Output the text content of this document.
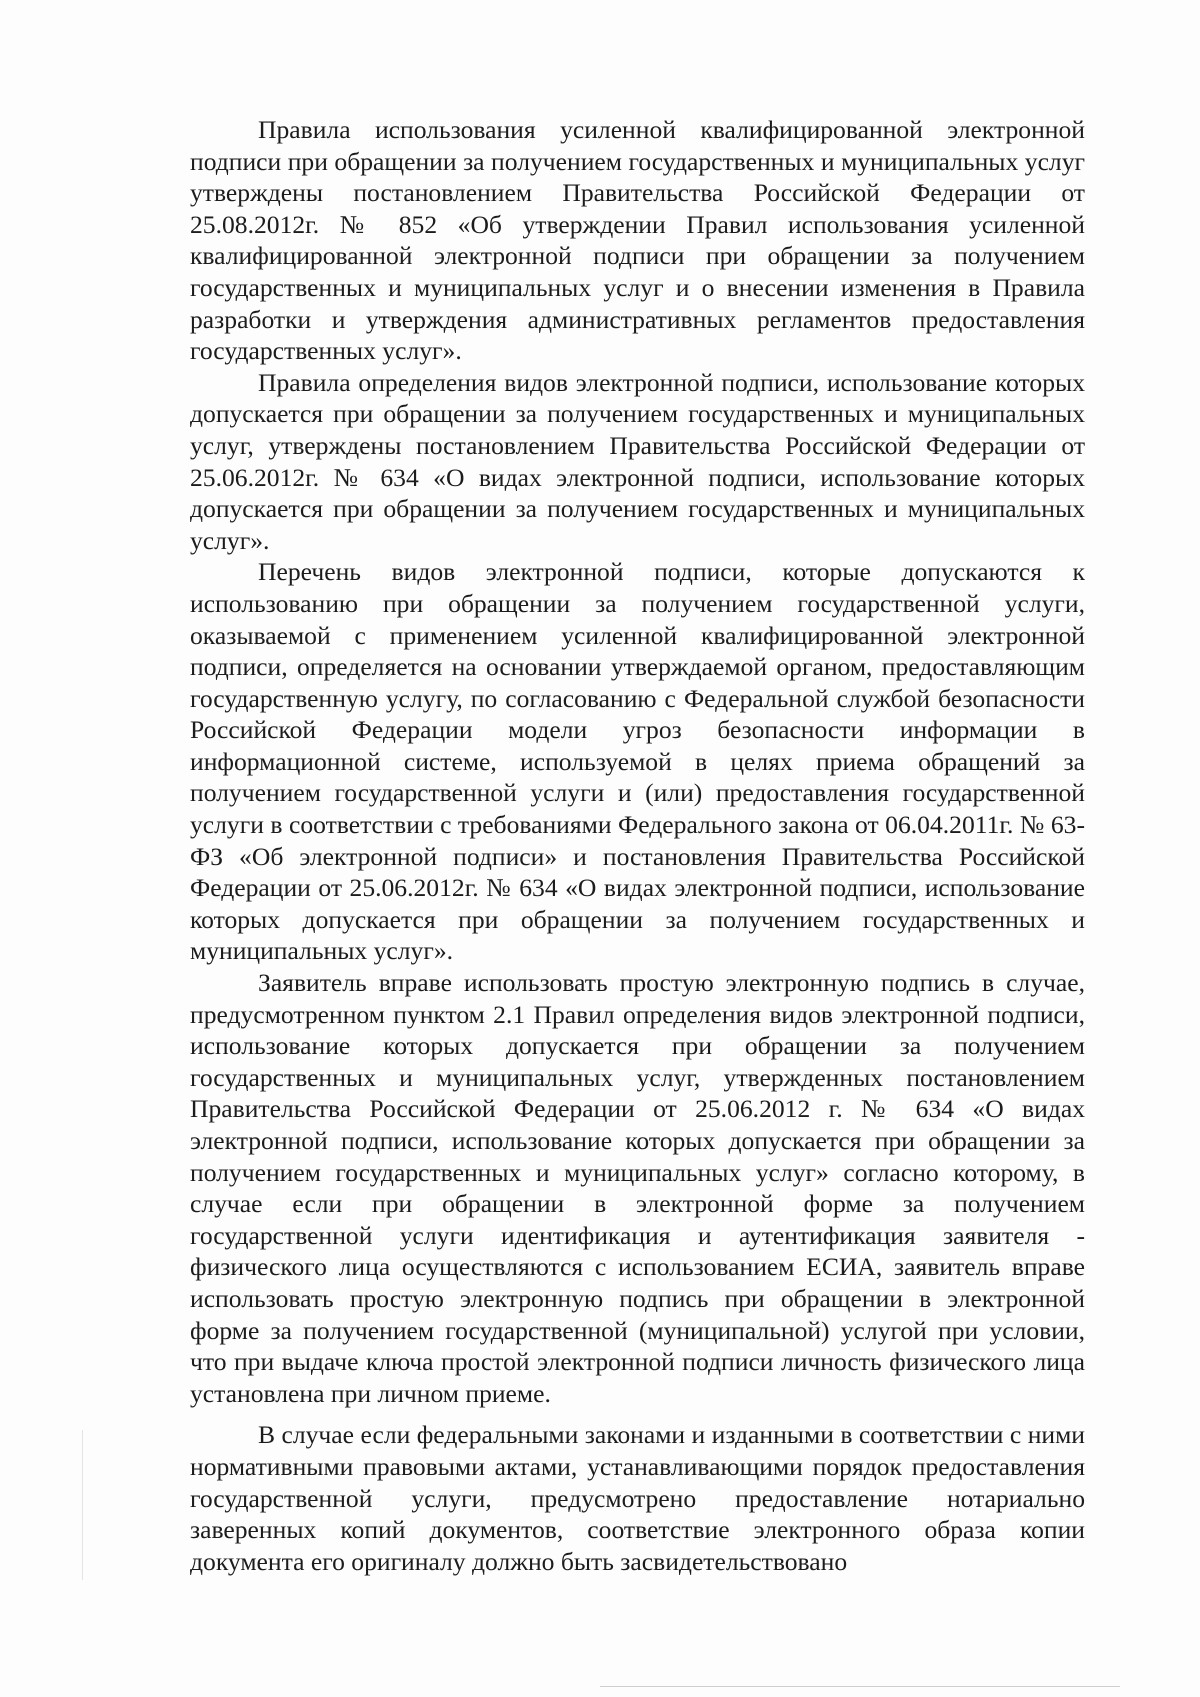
Правила использования усиленной квалифицированной электронной подписи при обращении за получением государственных и муниципальных услуг утверждены постановлением Правительства Российской Федерации от 25.08.2012г. № 852 «Об утверждении Правил использования усиленной квалифицированной электронной подписи при обращении за получением государственных и муниципальных услуг и о внесении изменения в Правила разработки и утверждения административных регламентов предоставления государственных услуг».

Правила определения видов электронной подписи, использование которых допускается при обращении за получением государственных и муниципальных услуг, утверждены постановлением Правительства Российской Федерации от 25.06.2012г. № 634 «О видах электронной подписи, использование которых допускается при обращении за получением государственных и муниципальных услуг».

Перечень видов электронной подписи, которые допускаются к использованию при обращении за получением государственной услуги, оказываемой с применением усиленной квалифицированной электронной подписи, определяется на основании утверждаемой органом, предоставляющим государственную услугу, по согласованию с Федеральной службой безопасности Российской Федерации модели угроз безопасности информации в информационной системе, используемой в целях приема обращений за получением государственной услуги и (или) предоставления государственной услуги в соответствии с требованиями Федерального закона от 06.04.2011г. № 63-ФЗ «Об электронной подписи» и постановления Правительства Российской Федерации от 25.06.2012г. № 634 «О видах электронной подписи, использование которых допускается при обращении за получением государственных и муниципальных услуг».

Заявитель вправе использовать простую электронную подпись в случае, предусмотренном пунктом 2.1 Правил определения видов электронной подписи, использование которых допускается при обращении за получением государственных и муниципальных услуг, утвержденных постановлением Правительства Российской Федерации от 25.06.2012 г. № 634 «О видах электронной подписи, использование которых допускается при обращении за получением государственных и муниципальных услуг» согласно которому, в случае если при обращении в электронной форме за получением государственной услуги идентификация и аутентификация заявителя - физического лица осуществляются с использованием ЕСИА, заявитель вправе использовать простую электронную подпись при обращении в электронной форме за получением государственной (муниципальной) услугой при условии, что при выдаче ключа простой электронной подписи личность физического лица установлена при личном приеме.

В случае если федеральными законами и изданными в соответствии с ними нормативными правовыми актами, устанавливающими порядок предоставления государственной услуги, предусмотрено предоставление нотариально заверенных копий документов, соответствие электронного образа копии документа его оригиналу должно быть засвидетельствовано
